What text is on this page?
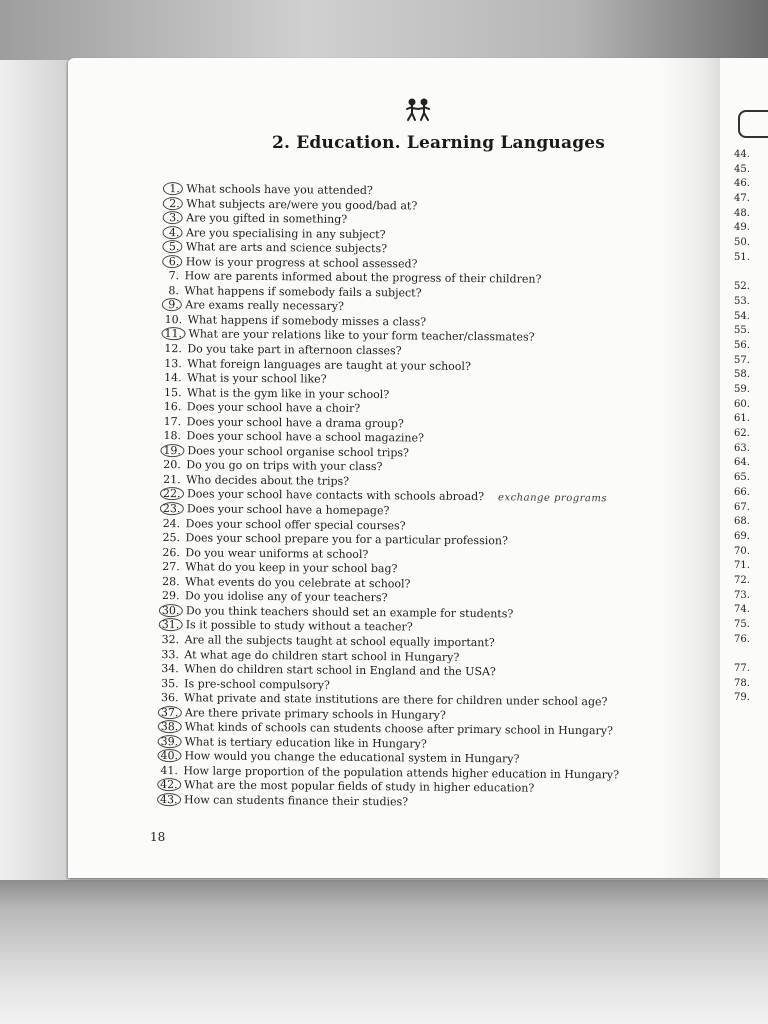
2. Education. Learning Languages
1. What schools have you attended?
2. What subjects are/were you good/bad at?
3. Are you gifted in something?
4. Are you specialising in any subject?
5. What are arts and science subjects?
6. How is your progress at school assessed?
7. How are parents informed about the progress of their children?
8. What happens if somebody fails a subject?
9. Are exams really necessary?
10. What happens if somebody misses a class?
11. What are your relations like to your form teacher/classmates?
12. Do you take part in afternoon classes?
13. What foreign languages are taught at your school?
14. What is your school like?
15. What is the gym like in your school?
16. Does your school have a choir?
17. Does your school have a drama group?
18. Does your school have a school magazine?
19. Does your school organise school trips?
20. Do you go on trips with your class?
21. Who decides about the trips?
22. Does your school have contacts with schools abroad? exchange programs
23. Does your school have a homepage?
24. Does your school offer special courses?
25. Does your school prepare you for a particular profession?
26. Do you wear uniforms at school?
27. What do you keep in your school bag?
28. What events do you celebrate at school?
29. Do you idolise any of your teachers?
30. Do you think teachers should set an example for students?
31. Is it possible to study without a teacher?
32. Are all the subjects taught at school equally important?
33. At what age do children start school in Hungary?
34. When do children start school in England and the USA?
35. Is pre-school compulsory?
36. What private and state institutions are there for children under school age?
37. Are there private primary schools in Hungary?
38. What kinds of schools can students choose after primary school in Hungary?
39. What is tertiary education like in Hungary?
40. How would you change the educational system in Hungary?
41. How large proportion of the population attends higher education in Hungary?
42. What are the most popular fields of study in higher education?
43. How can students finance their studies?
18
44.
45.
46.
47.
48.
49.
50.
51.
52.
53.
54.
55.
56.
57.
58.
59.
60.
61.
62.
63.
64.
65.
66.
67.
68.
69.
70.
71.
72.
73.
74.
75.
76.
77.
78.
79.
